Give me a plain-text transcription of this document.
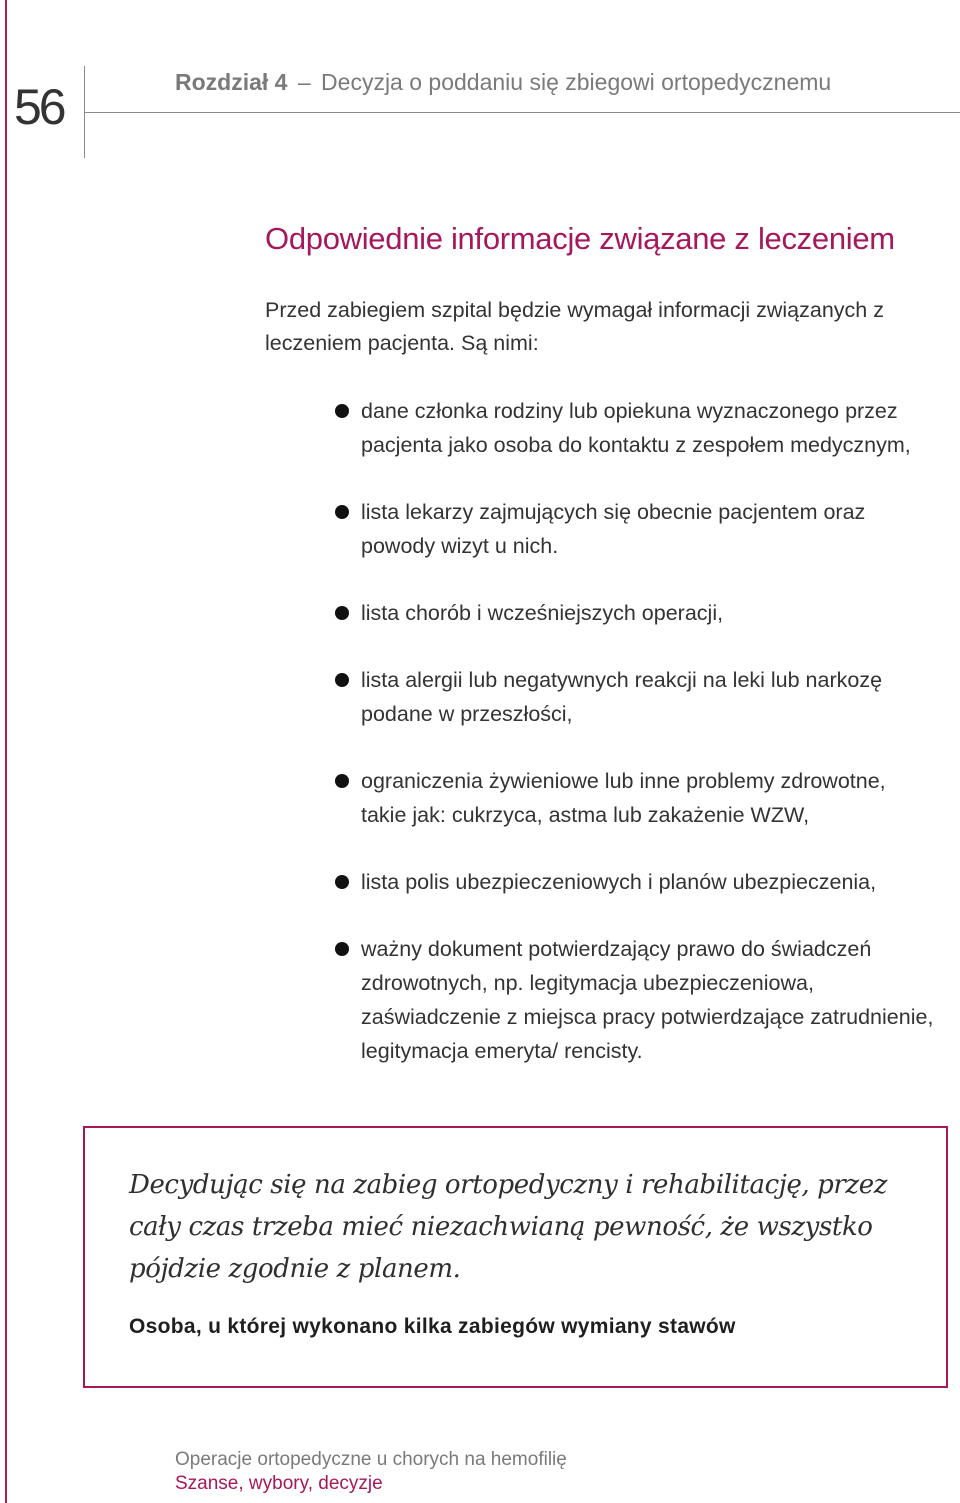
56	Rozdział 4 – Decyzja o poddaniu się zbiegowi ortopedycznemu
Odpowiednie informacje związane z leczeniem

Przed zabiegiem szpital będzie wymagał informacji związanych z leczeniem pacjenta. Są nimi:

dane członka rodziny lub opiekuna wyznaczonego przez pacjenta jako osoba do kontaktu z zespołem medycznym,
lista lekarzy zajmujących się obecnie pacjentem oraz powody wizyt u nich.
lista chorób i wcześniejszych operacji,
lista alergii lub negatywnych reakcji na leki lub narkozę podane w przeszłości,
ograniczenia żywieniowe lub inne problemy zdrowotne, takie jak: cukrzyca, astma lub zakażenie WZW,
lista polis ubezpieczeniowych i planów ubezpieczenia,
ważny dokument potwierdzający prawo do świadczeń zdrowotnych, np. legitymacja ubezpieczeniowa, zaświadczenie z miejsca pracy potwierdzające zatrudnienie, legitymacja emeryta/ rencisty.

Decydując się na zabieg ortopedyczny i rehabilitację, przez cały czas trzeba mieć niezachwianą pewność, że wszystko pójdzie zgodnie z planem.

Osoba, u której wykonano kilka zabiegów wymiany stawów

Operacje ortopedyczne u chorych na hemofilię
Szanse, wybory, decyzje
